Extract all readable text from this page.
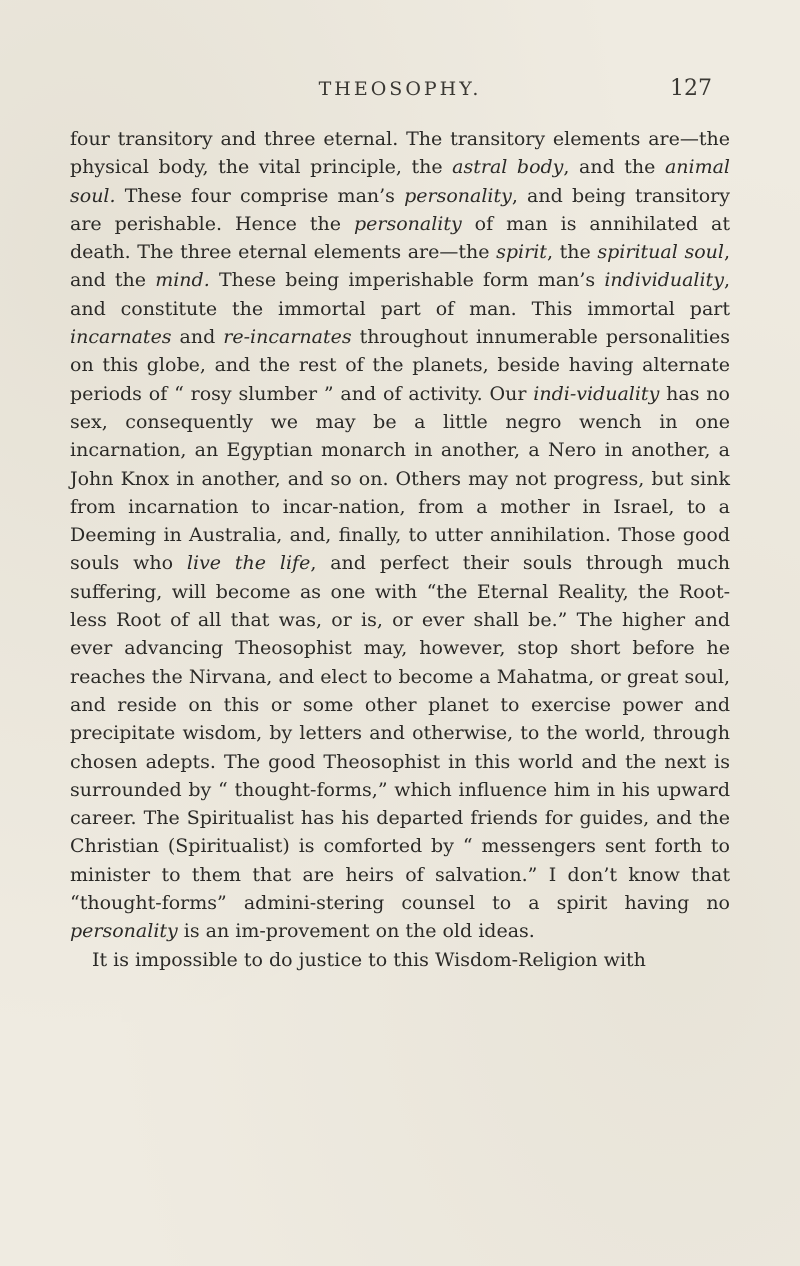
THEOSOPHY.	127

four transitory and three eternal. The transitory elements are—the physical body, the vital principle, the astral body, and the animal soul. These four comprise man’s personality, and being transitory are perishable. Hence the personality of man is annihilated at death. The three eternal elements are—the spirit, the spiritual soul, and the mind. These being imperishable form man’s individuality, and constitute the immortal part of man. This immortal part incarnates and re-incarnates throughout innumerable personalities on this globe, and the rest of the planets, beside having alternate periods of “ rosy slumber ” and of activity. Our indi-viduality has no sex, consequently we may be a little negro wench in one incarnation, an Egyptian monarch in another, a Nero in another, a John Knox in another, and so on. Others may not progress, but sink from incarnation to incar-nation, from a mother in Israel, to a Deeming in Australia, and, finally, to utter annihilation. Those good souls who live the life, and perfect their souls through much suffering, will become as one with “the Eternal Reality, the Root-less Root of all that was, or is, or ever shall be.” The higher and ever advancing Theosophist may, however, stop short before he reaches the Nirvana, and elect to become a Mahatma, or great soul, and reside on this or some other planet to exercise power and precipitate wisdom, by letters and otherwise, to the world, through chosen adepts. The good Theosophist in this world and the next is surrounded by “ thought-forms,” which influence him in his upward career. The Spiritualist has his departed friends for guides, and the Christian (Spiritualist) is comforted by “ messengers sent forth to minister to them that are heirs of salvation.” I don’t know that “thought-forms” admini-stering counsel to a spirit having no personality is an im-provement on the old ideas.

It is impossible to do justice to this Wisdom-Religion with
